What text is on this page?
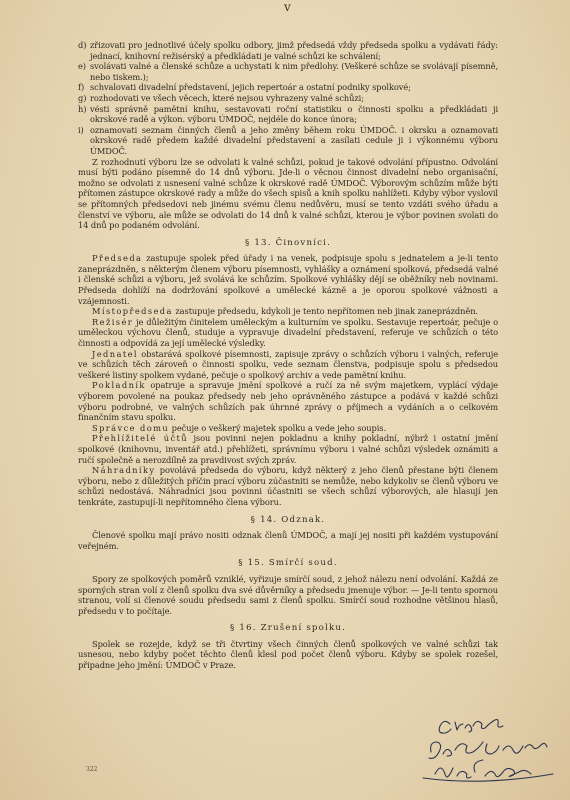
v
d) zřizovati pro jednotlivé účely spolku odbory, jimž předsedá vždy předseda spolku a vydávati řády: jednací, knihovní režisérský a předkládati je valné schůzi ke schválení;
e) svolávati valné a členské schůze a uchystati k nim předlohy. (Veškeré schůze se svolávají písemně, nebo tiskem.);
f) schvalovati divadelní představení, jejich repertoár a ostatní podniky spolkové;
g) rozhodovati ve všech věcech, které nejsou vyhrazeny valné schůzi;
h) vésti správně pamětní knihu, sestavovati roční statistiku o činnosti spolku a předkládati ji okrskové radě a výkon. výboru ÚMDOČ, nejdéle do konce února;
i) oznamovati seznam činných členů a jeho změny během roku ÚMDOČ. i okrsku a oznamovati okrskové radě předem každé divadelní představení a zasílati cedule ji i výkonnému výboru ÚMDOČ.

Z rozhodnutí výboru lze se odvolati k valné schůzi, pokud je takové odvolání přípustno. Odvolání musí býti podáno písemně do 14 dnů výboru. Jde-li o věcnou činnost divadelní nebo organisační, možno se odvolati z usnesení valné schůze k okrskové radě ÚMDOČ. Výborovým schůzím může býti přítomen zástupce okrskové rady a může do všech spisů a knih spolku nahlížeti. Kdyby výbor vyslovil se přítomných předsedovi neb jinému svému členu nedůvěru, musí se tento vzdáti svého úřadu a členství ve výboru, ale může se odvolati do 14 dnů k valné schůzi, kterou je výbor povinen svolati do 14 dnů po podaném odvolání.

§ 13. Činovníci.

Předseda zastupuje spolek před úřady i na venek, podpisuje spolu s jednatelem a je-li tento zaneprázdněn, s některým členem výboru písemnosti, vyhlášky a oznámení spolková, předsedá valné i členské schůzi a výboru, jež svolává ke schůzím. Spolkové vyhlášky dějí se oběžníky neb novinami. Předseda dohlíží na dodržování spolkové a umělecké kázně a je oporou spolkové vážnosti a vzájemnosti.

Místopředseda zastupuje předsedu, kdykoli je tento nepřítomen neb jinak zaneprázdněn.

Režisér je důležitým činitelem uměleckým a kulturním ve spolku. Sestavuje repertoár, pečuje o uměleckou výchovu členů, studuje a vypravuje divadelní představení, referuje ve schůzích o této činnosti a odpovídá za její umělecké výsledky.

Jednatel obstarává spolkové písemnosti, zapisuje zprávy o schůzích výboru i valných, referuje ve schůzích těch zároveň o činnosti spolku, vede seznam členstva, podpisuje spolu s předsedou veškeré listiny spolkem vydané, pečuje o spolkový archiv a vede pamětní knihu.

Pokladník opatruje a spravuje jmění spolkové a ručí za ně svým majetkem, vyplácí výdaje výborem povolené na poukaz předsedy neb jeho oprávněného zástupce a podává v každé schůzi výboru podrobné, ve valných schůzích pak úhrnné zprávy o příjmech a vydáních a o celkovém finančním stavu spolku.

Správce domu pečuje o veškerý majetek spolku a vede jeho soupis.

Přehlížitelé účtů jsou povinni nejen pokladnu a knihy pokladní, nýbrž i ostatní jmění spolkové (knihovnu, inventář atd.) přehlížeti, správnímu výboru i valné schůzi výsledek oznámiti a ručí společně a nerozdílně za pravdivost svých zpráv.

Náhradníky povolává předseda do výboru, když některý z jeho členů přestane býti členem výboru, nebo z důležitých příčin prací výboru zúčastniti se nemůže, nebo kdykoliv se členů výboru ve schůzi nedostává. Náhradníci jsou povinni účastniti se všech schůzí výborových, ale hlasují jen tenkráte, zastupují-li nepřítomného člena výboru.

§ 14. Odznak.

Členové spolku mají právo nositi odznak členů ÚMDOČ, a mají jej nositi při každém vystupování veřejném.

§ 15. Smírčí soud.

Spory ze spolkových poměrů vzniklé, vyřizuje smírčí soud, z jehož nálezu není odvolání. Každá ze sporných stran volí z členů spolku dva své důvěrníky a předsedu jmenuje výbor. — Je-li tento spornou stranou, volí si členové soudu předsedu sami z členů spolku. Smírčí soud rozhodne většinou hlasů, předsedu v to počítaje.

§ 16. Zrušení spolku.

Spolek se rozejde, když se tři čtvrtiny všech činných členů spolkových ve valné schůzi tak usnesou, nebo kdyby počet těchto členů klesl pod počet členů výboru. Kdyby se spolek rozešel, připadne jeho jmění: ÚMDOČ v Praze.

322
